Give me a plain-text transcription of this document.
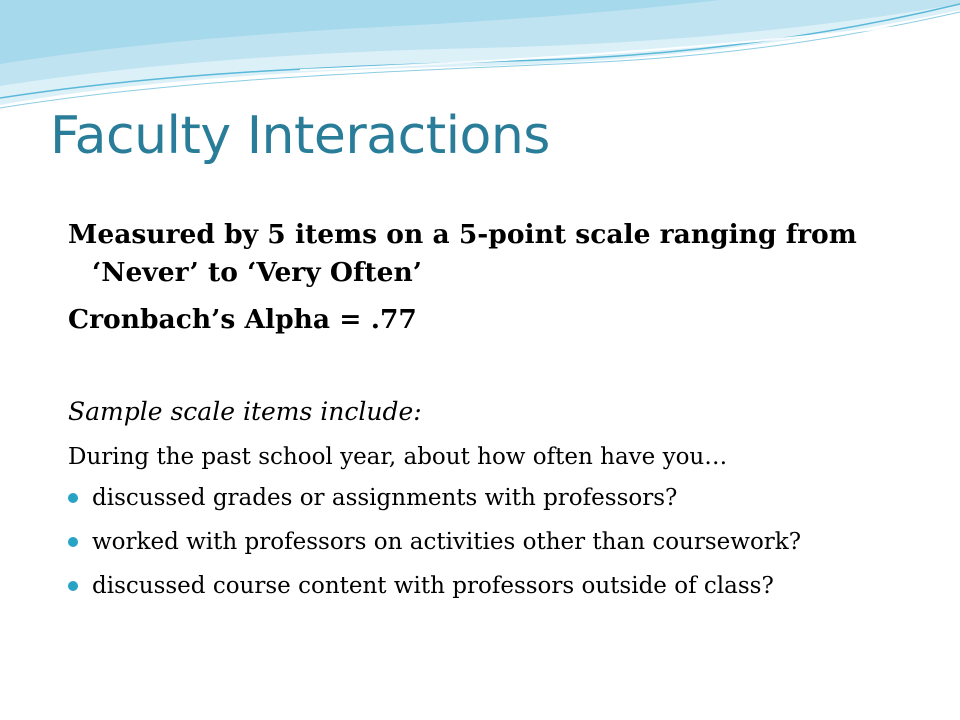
Faculty Interactions

Measured by 5 items on a 5-point scale ranging from ‘Never’ to ‘Very Often’

Cronbach’s Alpha = .77

Sample scale items include:

During the past school year, about how often have you…

discussed grades or assignments with professors?
worked with professors on activities other than coursework?
discussed course content with professors outside of class?
